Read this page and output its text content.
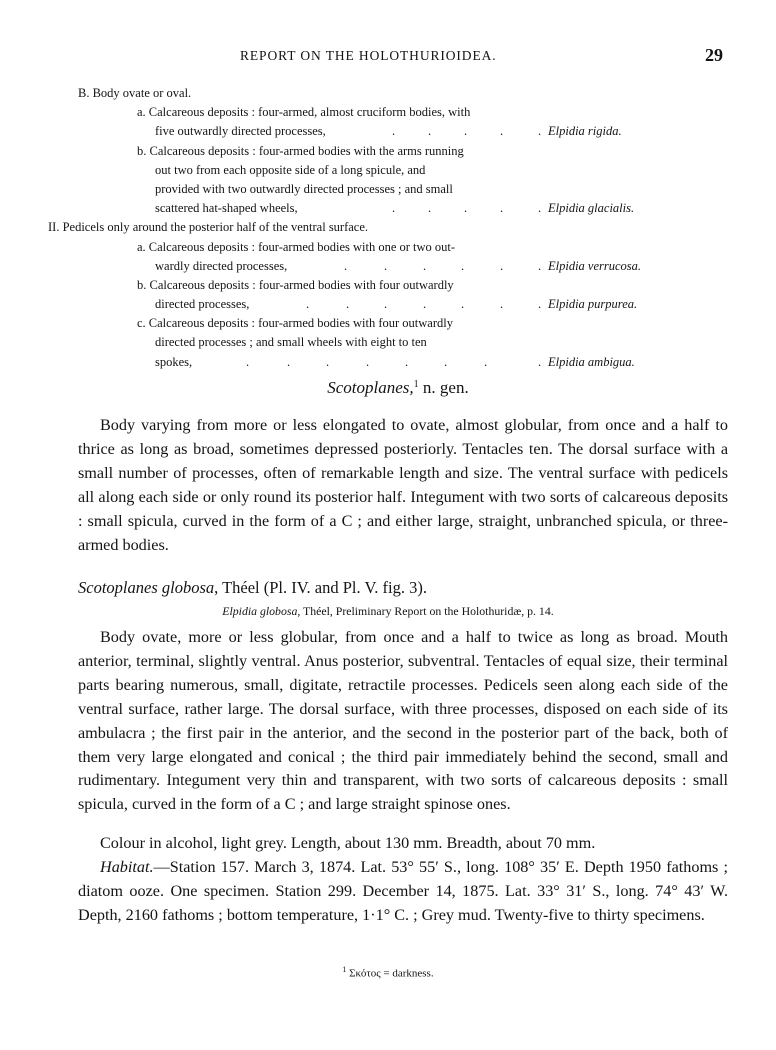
REPORT ON THE HOLOTHURIOIDEA.	29
B. Body ovate or oval.
a. Calcareous deposits : four-armed, almost cruciform bodies, with
five outwardly directed processes,	.	.	.	.	. Elpidia rigida.
b. Calcareous deposits : four-armed bodies with the arms running
out two from each opposite side of a long spicule, and
provided with two outwardly directed processes ; and small
scattered hat-shaped wheels,	.	.	.	.	. Elpidia glacialis.
II. Pedicels only around the posterior half of the ventral surface.
a. Calcareous deposits : four-armed bodies with one or two out-
wardly directed processes,	.	.	.	.	.	. Elpidia verrucosa.
b. Calcareous deposits : four-armed bodies with four outwardly
directed processes,	.	.	.	.	.	.	. Elpidia purpurea.
c. Calcareous deposits : four-armed bodies with four outwardly
directed processes ; and small wheels with eight to ten
spokes,	.	.	.	.	.	.	.	. Elpidia ambigua.
Scotoplanes,$^1$ n. gen.

Body varying from more or less elongated to ovate, almost globular, from once and a half to thrice as long as broad, sometimes depressed posteriorly. Tentacles ten. The dorsal surface with a small number of processes, often of remarkable length and size. The ventral surface with pedicels all along each side or only round its posterior half. Integument with two sorts of calcareous deposits : small spicula, curved in the form of a C ; and either large, straight, unbranched spicula, or three-armed bodies.

Scotoplanes globosa, Théel (Pl. IV. and Pl. V. fig. 3).
Elpidia globosa, Théel, Preliminary Report on the Holothuridæ, p. 14.

Body ovate, more or less globular, from once and a half to twice as long as broad. Mouth anterior, terminal, slightly ventral. Anus posterior, subventral. Tentacles of equal size, their terminal parts bearing numerous, small, digitate, retractile processes. Pedicels seen along each side of the ventral surface, rather large. The dorsal surface, with three processes, disposed on each side of its ambulacra ; the first pair in the anterior, and the second in the posterior part of the back, both of them very large elongated and conical ; the third pair immediately behind the second, small and rudimentary. Integument very thin and transparent, with two sorts of calcareous deposits : small spicula, curved in the form of a C ; and large straight spinose ones.

Colour in alcohol, light grey. Length, about 130 mm. Breadth, about 70 mm.

Habitat.—Station 157. March 3, 1874. Lat. 53° 55′ S., long. 108° 35′ E. Depth 1950 fathoms ; diatom ooze. One specimen. Station 299. December 14, 1875. Lat. 33° 31′ S., long. 74° 43′ W. Depth, 2160 fathoms ; bottom temperature, 1·1° C. ; Grey mud. Twenty-five to thirty specimens.

$^1$ Σκότος = darkness.
